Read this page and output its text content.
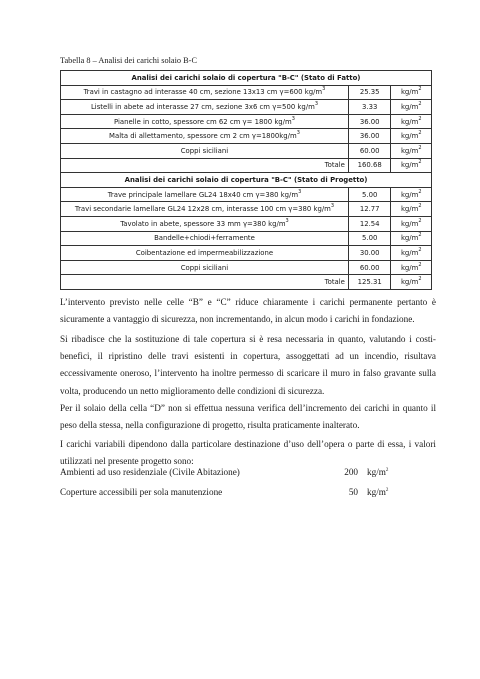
Tabella 8 – Analisi dei carichi solaio B-C
Analisi dei carichi solaio di copertura "B-C" (Stato di Fatto)		
Travi in castagno ad interasse 40 cm, sezione 13x13 cm γ=600 $kg/m^3$	25.35	$kg/m^2$
Listelli in abete ad interasse 27 cm, sezione 3x6 cm γ=500 $kg/m^3$	3.33	$kg/m^2$
Pianelle in cotto, spessore cm 62 cm γ= 1800 $kg/m^3$	36.00	$kg/m^2$
Malta di allettamento, spessore cm 2 cm $\gamma=1800kg/m^3$	36.00	$kg/m^2$
Coppi siciliani	60.00	$kg/m^2$
Totale	160.68	$kg/m^2$
Analisi dei carichi solaio di copertura "B-C" (Stato di Progetto)		
Trave principale lamellare GL24 18x40 cm γ=380 $kg/m^3$	5.00	$kg/m^2$
Travi secondarie lamellare GL24 12x28 cm, interasse 100 cm γ=380 $kg/m^3$	12.77	$kg/m^2$
Tavolato in abete, spessore 33 mm γ=380 $kg/m^3$	12.54	$kg/m^2$
Bandelle+chiodi+ferramente	5.00	$kg/m^2$
Coibentazione ed impermeabilizzazione	30.00	$kg/m^2$
Coppi siciliani	60.00	$kg/m^2$
Totale	125.31	$kg/m^2$
L’intervento previsto nelle celle “B” e “C” riduce chiaramente i carichi permanente pertanto è sicuramente a vantaggio di sicurezza, non incrementando, in alcun modo i carichi in fondazione.
Si ribadisce che la sostituzione di tale copertura si è resa necessaria in quanto, valutando i costi-benefici, il ripristino delle travi esistenti in copertura, assoggettati ad un incendio, risultava eccessivamente oneroso, l’intervento ha inoltre permesso di scaricare il muro in falso gravante sulla volta, producendo un netto miglioramento delle condizioni di sicurezza.
Per il solaio della cella “D” non si effettua nessuna verifica dell’incremento dei carichi in quanto il peso della stessa, nella configurazione di progetto, risulta praticamente inalterato.
I carichi variabili dipendono dalla particolare destinazione d’uso dell’opera o parte di essa, i valori utilizzati nel presente progetto sono:
Ambienti ad uso residenziale (Civile Abitazione)	200 $kg/m^2$
Coperture accessibili per sola manutenzione	50 $kg/m^2$
